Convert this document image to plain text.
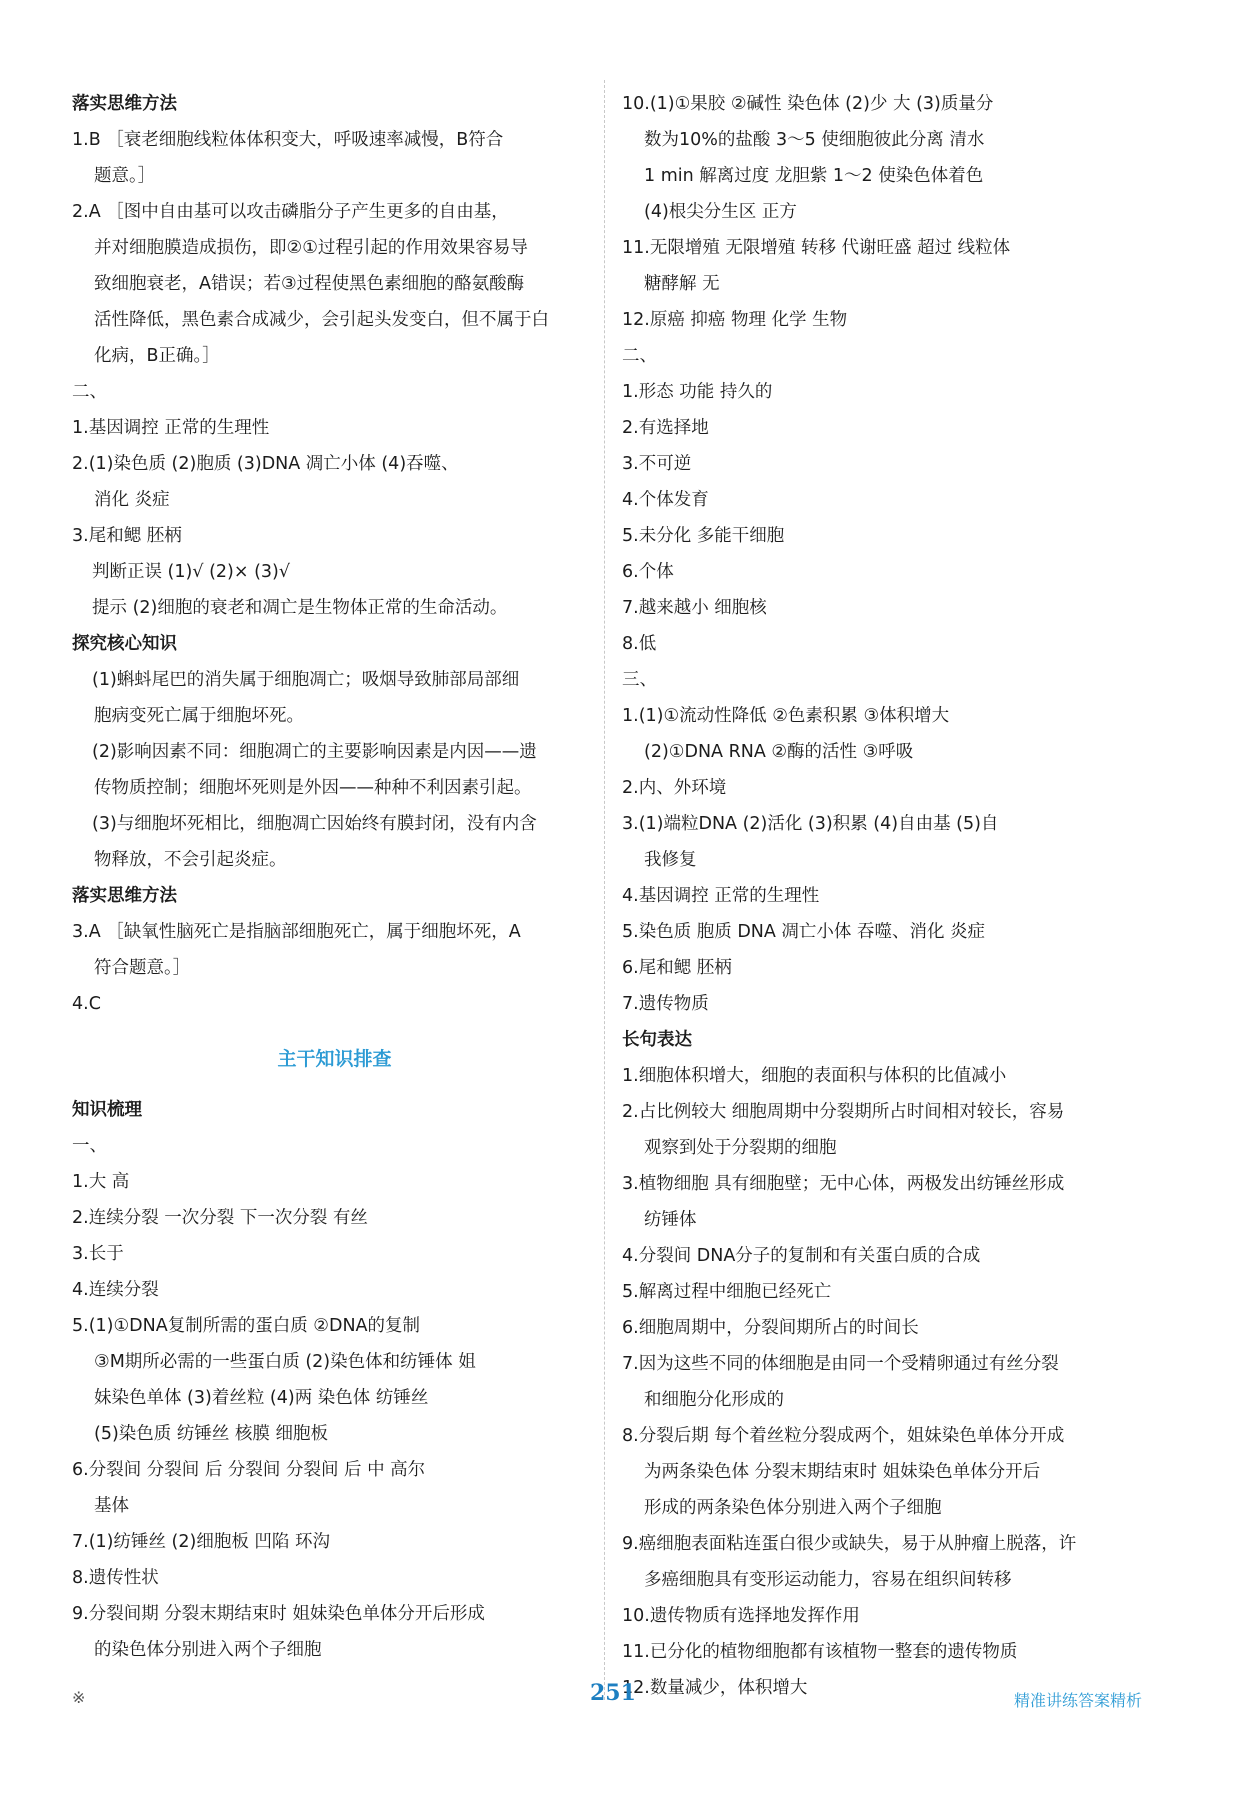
落实思维方法
1.B ［衰老细胞线粒体体积变大，呼吸速率减慢，B符合
题意。］
2.A ［图中自由基可以攻击磷脂分子产生更多的自由基，
并对细胞膜造成损伤，即②①过程引起的作用效果容易导
致细胞衰老，A错误；若③过程使黑色素细胞的酪氨酸酶
活性降低，黑色素合成减少，会引起头发变白，但不属于白
化病，B正确。］
二、
1.基因调控 正常的生理性
2.(1)染色质 (2)胞质 (3)DNA 凋亡小体 (4)吞噬、
消化 炎症
3.尾和鳃 胚柄
判断正误 (1)√ (2)× (3)√
提示 (2)细胞的衰老和凋亡是生物体正常的生命活动。
探究核心知识
(1)蝌蚪尾巴的消失属于细胞凋亡；吸烟导致肺部局部细
胞病变死亡属于细胞坏死。
(2)影响因素不同：细胞凋亡的主要影响因素是内因——遗
传物质控制；细胞坏死则是外因——种种不利因素引起。
(3)与细胞坏死相比，细胞凋亡因始终有膜封闭，没有内含
物释放，不会引起炎症。
落实思维方法
3.A ［缺氧性脑死亡是指脑部细胞死亡，属于细胞坏死，A
符合题意。］
4.C
主干知识排查
知识梳理
一、
1.大 高
2.连续分裂 一次分裂 下一次分裂 有丝
3.长于
4.连续分裂
5.(1)①DNA复制所需的蛋白质 ②DNA的复制
③M期所必需的一些蛋白质 (2)染色体和纺锤体 姐
妹染色单体 (3)着丝粒 (4)两 染色体 纺锤丝
(5)染色质 纺锤丝 核膜 细胞板
6.分裂间 分裂间 后 分裂间 分裂间 后 中 高尔
基体
7.(1)纺锤丝 (2)细胞板 凹陷 环沟
8.遗传性状
9.分裂间期 分裂末期结束时 姐妹染色单体分开后形成
的染色体分别进入两个子细胞
10.(1)①果胶 ②碱性 染色体 (2)少 大 (3)质量分
数为10%的盐酸 3～5 使细胞彼此分离 清水
1 min 解离过度 龙胆紫 1～2 使染色体着色
(4)根尖分生区 正方
11.无限增殖 无限增殖 转移 代谢旺盛 超过 线粒体
糖酵解 无
12.原癌 抑癌 物理 化学 生物
二、
1.形态 功能 持久的
2.有选择地
3.不可逆
4.个体发育
5.未分化 多能干细胞
6.个体
7.越来越小 细胞核
8.低
三、
1.(1)①流动性降低 ②色素积累 ③体积增大
(2)①DNA RNA ②酶的活性 ③呼吸
2.内、外环境
3.(1)端粒DNA (2)活化 (3)积累 (4)自由基 (5)自
我修复
4.基因调控 正常的生理性
5.染色质 胞质 DNA 凋亡小体 吞噬、消化 炎症
6.尾和鳃 胚柄
7.遗传物质
长句表达
1.细胞体积增大，细胞的表面积与体积的比值减小
2.占比例较大 细胞周期中分裂期所占时间相对较长，容易
观察到处于分裂期的细胞
3.植物细胞 具有细胞壁；无中心体，两极发出纺锤丝形成
纺锤体
4.分裂间 DNA分子的复制和有关蛋白质的合成
5.解离过程中细胞已经死亡
6.细胞周期中，分裂间期所占的时间长
7.因为这些不同的体细胞是由同一个受精卵通过有丝分裂
和细胞分化形成的
8.分裂后期 每个着丝粒分裂成两个，姐妹染色单体分开成
为两条染色体 分裂末期结束时 姐妹染色单体分开后
形成的两条染色体分别进入两个子细胞
9.癌细胞表面粘连蛋白很少或缺失，易于从肿瘤上脱落，许
多癌细胞具有变形运动能力，容易在组织间转移
10.遗传物质有选择地发挥作用
11.已分化的植物细胞都有该植物一整套的遗传物质
12.数量减少，体积增大
※	251	精准讲练答案精析
